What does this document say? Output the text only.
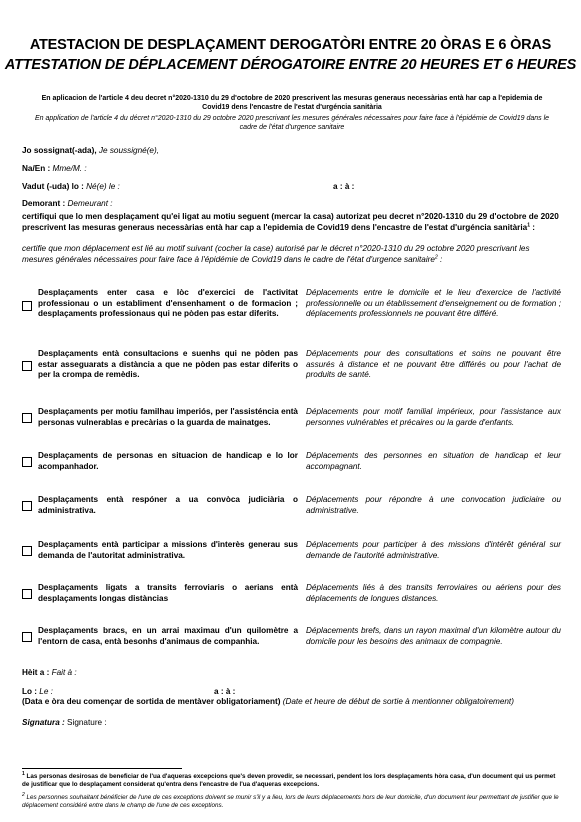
ATESTACION DE DESPLAÇAMENT DEROGATÒRI ENTRE 20 ÒRAS E 6 ÒRAS
ATTESTATION DE DÉPLACEMENT DÉROGATOIRE ENTRE 20 HEURES ET 6 HEURES
En aplicacion de l'article 4 deu decret n°2020-1310 du 29 d'octobre de 2020 prescrivent las mesuras generaus necessàrias entà har cap a l'epidemia de Covid19 dens l'encastre de l'estat d'urgéncia sanitària
En application de l'article 4 du décret n°2020-1310 du 29 octobre 2020 prescrivant les mesures générales nécessaires pour faire face à l'épidémie de Covid19 dans le cadre de l'état d'urgence sanitaire
Jo sossignat(-ada), Je soussigné(e),
Na/En : Mme/M. :
Vadut (-uda) lo : Né(e) le :	a : à :
Demorant : Demeurant :
certifiqui que lo men desplaçament qu'ei ligat au motiu seguent (mercar la casa) autorizat peu decret n°2020-1310 du 29 d'octobre de 2020 prescrivent las mesuras generaus necessàrias entà har cap a l'epidemia de Covid19 dens l'encastre de l'estat d'urgéncia sanitària$^1$ :
certifie que mon déplacement est lié au motif suivant (cocher la case) autorisé par le décret n°2020-1310 du 29 octobre 2020 prescrivant les mesures générales nécessaires pour faire face à l'épidémie de Covid19 dans le cadre de l'état d'urgence sanitaire$^2$ :
Desplaçaments enter casa e lòc d'exercici de l'activitat professionau o un establiment d'ensenhament o de formacion ; desplaçaments professionaus qui ne pòden pas estar diferits.
Déplacements entre le domicile et le lieu d'exercice de l'activité professionnelle ou un établissement d'enseignement ou de formation ; déplacements professionnels ne pouvant être différé.
Desplaçaments entà consultacions e suenhs qui ne pòden pas estar asseguarats a distància a que ne pòden pas estar diferits o per la crompa de remèdis.
Déplacements pour des consultations et soins ne pouvant être assurés à distance et ne pouvant être différés ou pour l'achat de produits de santé.
Desplaçaments per motiu familhau imperiós, per l'assisténcia entà personas vulnerablas e precàrias o la guarda de mainatges.
Déplacements pour motif familial impérieux, pour l'assistance aux personnes vulnérables et précaires ou la garde d'enfants.
Desplaçaments de personas en situacion de handicap e lo lor acompanhador.
Déplacements des personnes en situation de handicap et leur accompagnant.
Desplaçaments entà respóner a ua convòca judiciària o administrativa.
Déplacements pour répondre à une convocation judiciaire ou administrative.
Desplaçaments entà participar a missions d'interès generau sus demanda de l'autoritat administrativa.
Déplacements pour participer à des missions d'intérêt général sur demande de l'autorité administrative.
Desplaçaments ligats a transits ferroviaris o aerians entà desplaçaments longas distàncias
Déplacements liés à des transits ferroviaires ou aériens pour des déplacements de longues distances.
Desplaçaments bracs, en un arrai maximau d'un quilomètre a l'entorn de casa, entà besonhs d'animaus de companhia.
Déplacements brefs, dans un rayon maximal d'un kilomètre autour du domicile pour les besoins des animaux de compagnie.
Hèit a : Fait à :
Lo : Le :	a : à :
(Data e òra deu començar de sortida de mentàver obligatoriament) (Date et heure de début de sortie à mentionner obligatoirement)
Signatura : Signature :
$^1$ Las personas desirosas de beneficiar de l'ua d'aqueras excepcions que's deven provedir, se necessari, pendent los lors desplaçaments hòra casa, d'un document qui us permet de justificar que lo desplaçament considerat qu'entra dens l'encastre de l'ua d'aqueras excepcions.
$^2$ Les personnes souhaitant bénéficier de l'une de ces exceptions doivent se munir s'il y a lieu, lors de leurs déplacements hors de leur domicile, d'un document leur permettant de justifier que le déplacement considéré entre dans le champ de l'une de ces exceptions.
